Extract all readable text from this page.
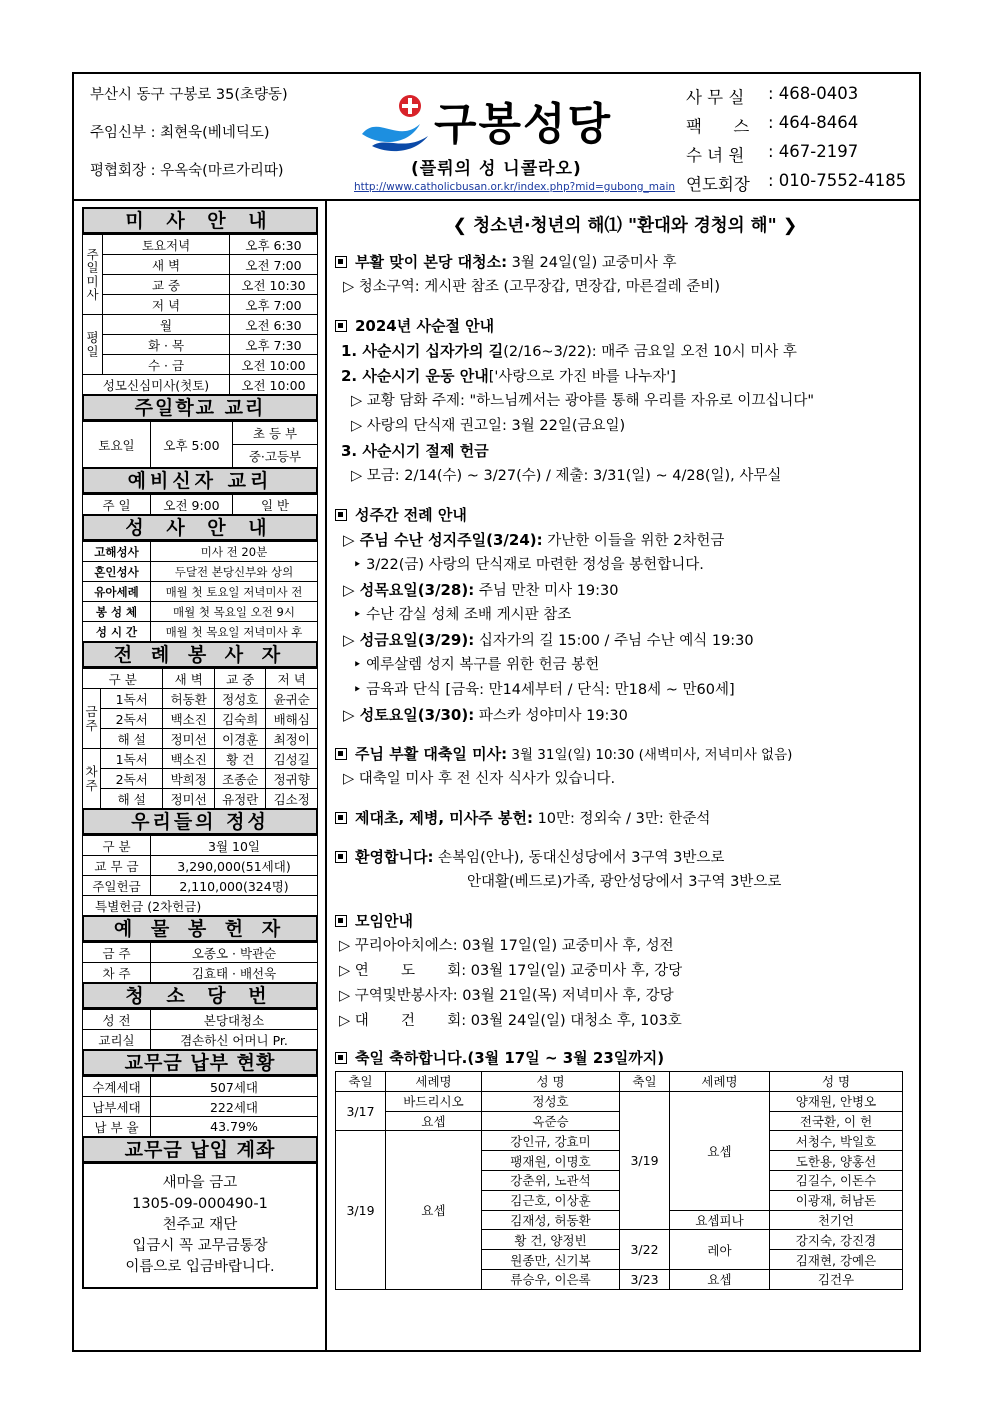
부산시 동구 구봉로 35(초량동)
주임신부 : 최현욱(베네딕도)
평협회장 : 우옥숙(마르가리따)
구봉성당
(플뤼의 성 니콜라오)
http://www.catholicbusan.or.kr/index.php?mid=gubong_main
사 무 실	: 468-0403
팩      스	: 464-8464
수 녀 원	: 467-2197
연도회장	: 010-7552-4185
미 사 안 내
주
일
미
사	토요저녁	오후 6:30
	새 벽	오전 7:00
	교 중	오전 10:30
	저 녁	오후 7:00
평
일	월	오전 6:30
	화 · 목	오후 7:30
	수 · 금	오전 10:00
성모신심미사(첫토)		오전 10:00
주일학교 교리
토요일	오후 5:00	초 등 부
중·고등부
예비신자 교리
주 일	오전 9:00	일 반
성 사 안 내
고해성사	미사 전 20분
혼인성사	두달전 본당신부와 상의
유아세례	매월 첫 토요일 저녁미사 전
봉 성 체	매월 첫 목요일 오전 9시
성 시 간	매월 첫 목요일 저녁미사 후
전 례 봉 사 자
구 분		새 벽	교 중	저 녁
금
주	1독서	허동환	정성호	윤귀순
	2독서	백소진	김숙희	배해심
	해 설	정미선	이경훈	최정이
차
주	1독서	백소진	황 건	김성길
	2독서	박희정	조종순	정귀향
	해 설	정미선	유정란	김소정
우리들의 정성
구 분	3월 10일
교 무 금	3,290,000(51세대)
주일헌금	2,110,000(324명)
특별헌금 (2차헌금)	
예 물 봉 헌 자
금 주	오종오 · 박관순
차 주	김효태 · 배선욱
청 소 당 번
성 전	본당대청소
교리실	겸손하신 어머니 Pr.
교무금 납부 현황
수계세대	507세대
납부세대	222세대
납 부 율	43.79%
교무금 납입 계좌
새마을 금고
1305-09-000490-1
천주교 재단
입금시 꼭 교무금통장
이름으로 입금바랍니다.
❮ 청소년·청년의 해⑴ "환대와 경청의 해" ❯
부활 맞이 본당 대청소: 3월 24일(일) 교중미사 후
▷ 청소구역: 게시판 참조 (고무장갑, 면장갑, 마른걸레 준비)
2024년 사순절 안내
1. 사순시기 십자가의 길(2/16~3/22): 매주 금요일 오전 10시 미사 후
2. 사순시기 운동 안내['사랑으로 가진 바를 나누자']
▷ 교황 담화 주제: "하느님께서는 광야를 통해 우리를 자유로 이끄십니다"
▷ 사랑의 단식재 권고일: 3월 22일(금요일)
3. 사순시기 절제 헌금
▷ 모금: 2/14(수) ~ 3/27(수) / 제출: 3/31(일) ~ 4/28(일), 사무실
성주간 전례 안내
▷ 주님 수난 성지주일(3/24): 가난한 이들을 위한 2차헌금
‣ 3/22(금) 사랑의 단식재로 마련한 정성을 봉헌합니다.
▷ 성목요일(3/28): 주님 만찬 미사 19:30
‣ 수난 감실 성체 조배 게시판 참조
▷ 성금요일(3/29): 십자가의 길 15:00 / 주님 수난 예식 19:30
‣ 예루살렘 성지 복구를 위한 헌금 봉헌
‣ 금육과 단식 [금육: 만14세부터 / 단식: 만18세 ~ 만60세]
▷ 성토요일(3/30): 파스카 성야미사 19:30
주님 부활 대축일 미사: 3월 31일(일) 10:30 (새벽미사, 저녁미사 없음)
▷ 대축일 미사 후 전 신자 식사가 있습니다.
제대초, 제병, 미사주 봉헌: 10만: 정외숙 / 3만: 한준석
환영합니다: 손복임(안나), 동대신성당에서 3구역 3반으로
안대활(베드로)가족, 광안성당에서 3구역 3반으로
모임안내
▷ 꾸리아아치에스: 03월 17일(일) 교중미사 후, 성전
▷ 연       도       회: 03월 17일(일) 교중미사 후, 강당
▷ 구역및반봉사자: 03월 21일(목) 저녁미사 후, 강당
▷ 대       건       회: 03월 24일(일) 대청소 후, 103호
축일 축하합니다.(3월 17일 ~ 3월 23일까지)
축일	세례명	성 명	축일	세례명	성 명
3/17	바드리시오	정성호	3/19	요셉	양재원, 안병오
	요셉	옥준승			전국환, 이 헌
3/19	요셉	강인규, 강효미			서청수, 박일호
		팽재원, 이명호			도한용, 양홍선
		강춘위, 노관석			김길수, 이돈수
		김근호, 이상훈			이광재, 허남돈
		김재성, 허동환		요셉피나	천기언
		황 건, 양정빈	3/22	레아	강지숙, 강진경
		원종만, 신기복			김재현, 강예은
		류승우, 이은록	3/23	요셉	김건우
